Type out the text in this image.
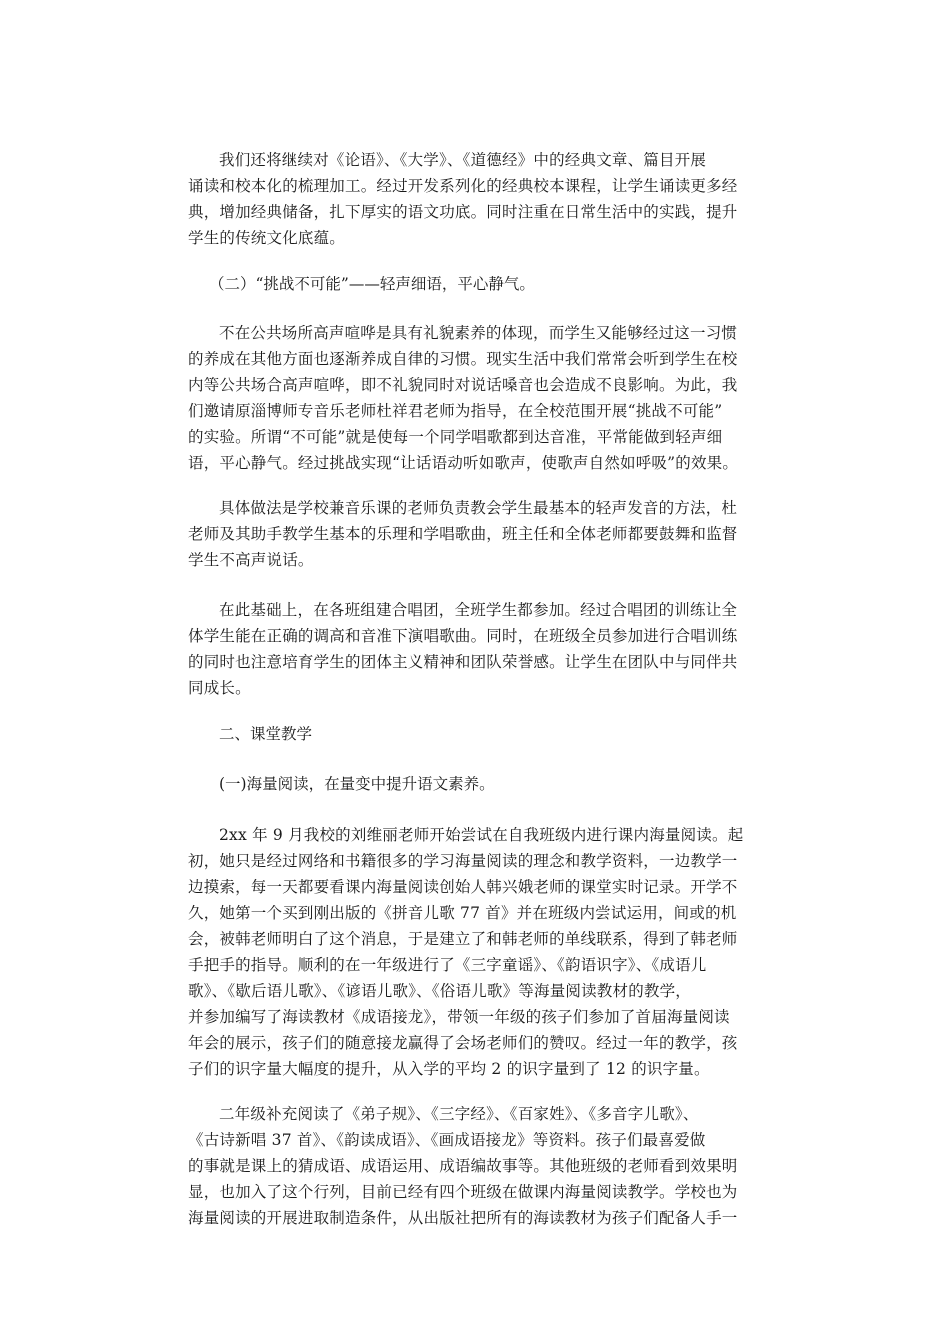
我们还将继续对《论语》、《大学》、《道德经》中的经典文章、篇目开展
诵读和校本化的梳理加工。经过开发系列化的经典校本课程，让学生诵读更多经
典，增加经典储备，扎下厚实的语文功底。同时注重在日常生活中的实践，提升
学生的传统文化底蕴。
（二）“挑战不可能”——轻声细语，平心静气。
不在公共场所高声喧哗是具有礼貌素养的体现，而学生又能够经过这一习惯
的养成在其他方面也逐渐养成自律的习惯。现实生活中我们常常会听到学生在校
内等公共场合高声喧哗，即不礼貌同时对说话嗓音也会造成不良影响。为此，我
们邀请原淄博师专音乐老师杜祥君老师为指导，在全校范围开展“挑战不可能”
的实验。所谓“不可能”就是使每一个同学唱歌都到达音准，平常能做到轻声细
语，平心静气。经过挑战实现“让话语动听如歌声，使歌声自然如呼吸”的效果。
具体做法是学校兼音乐课的老师负责教会学生最基本的轻声发音的方法，杜
老师及其助手教学生基本的乐理和学唱歌曲，班主任和全体老师都要鼓舞和监督
学生不高声说话。
在此基础上，在各班组建合唱团，全班学生都参加。经过合唱团的训练让全
体学生能在正确的调高和音准下演唱歌曲。同时，在班级全员参加进行合唱训练
的同时也注意培育学生的团体主义精神和团队荣誉感。让学生在团队中与同伴共
同成长。
二、课堂教学
(一)海量阅读，在量变中提升语文素养。
2xx 年 9 月我校的刘维丽老师开始尝试在自我班级内进行课内海量阅读。起
初，她只是经过网络和书籍很多的学习海量阅读的理念和教学资料，一边教学一
边摸索，每一天都要看课内海量阅读创始人韩兴娥老师的课堂实时记录。开学不
久，她第一个买到刚出版的《拼音儿歌 77 首》并在班级内尝试运用，间或的机
会，被韩老师明白了这个消息，于是建立了和韩老师的单线联系，得到了韩老师
手把手的指导。顺利的在一年级进行了《三字童谣》、《韵语识字》、《成语儿
歌》、《歇后语儿歌》、《谚语儿歌》、《俗语儿歌》等海量阅读教材的教学，
并参加编写了海读教材《成语接龙》，带领一年级的孩子们参加了首届海量阅读
年会的展示，孩子们的随意接龙赢得了会场老师们的赞叹。经过一年的教学，孩
子们的识字量大幅度的提升，从入学的平均 2 的识字量到了 12 的识字量。
二年级补充阅读了《弟子规》、《三字经》、《百家姓》、《多音字儿歌》、
《古诗新唱 37 首》、《韵读成语》、《画成语接龙》等资料。孩子们最喜爱做
的事就是课上的猜成语、成语运用、成语编故事等。其他班级的老师看到效果明
显，也加入了这个行列，目前已经有四个班级在做课内海量阅读教学。学校也为
海量阅读的开展进取制造条件，从出版社把所有的海读教材为孩子们配备人手一
